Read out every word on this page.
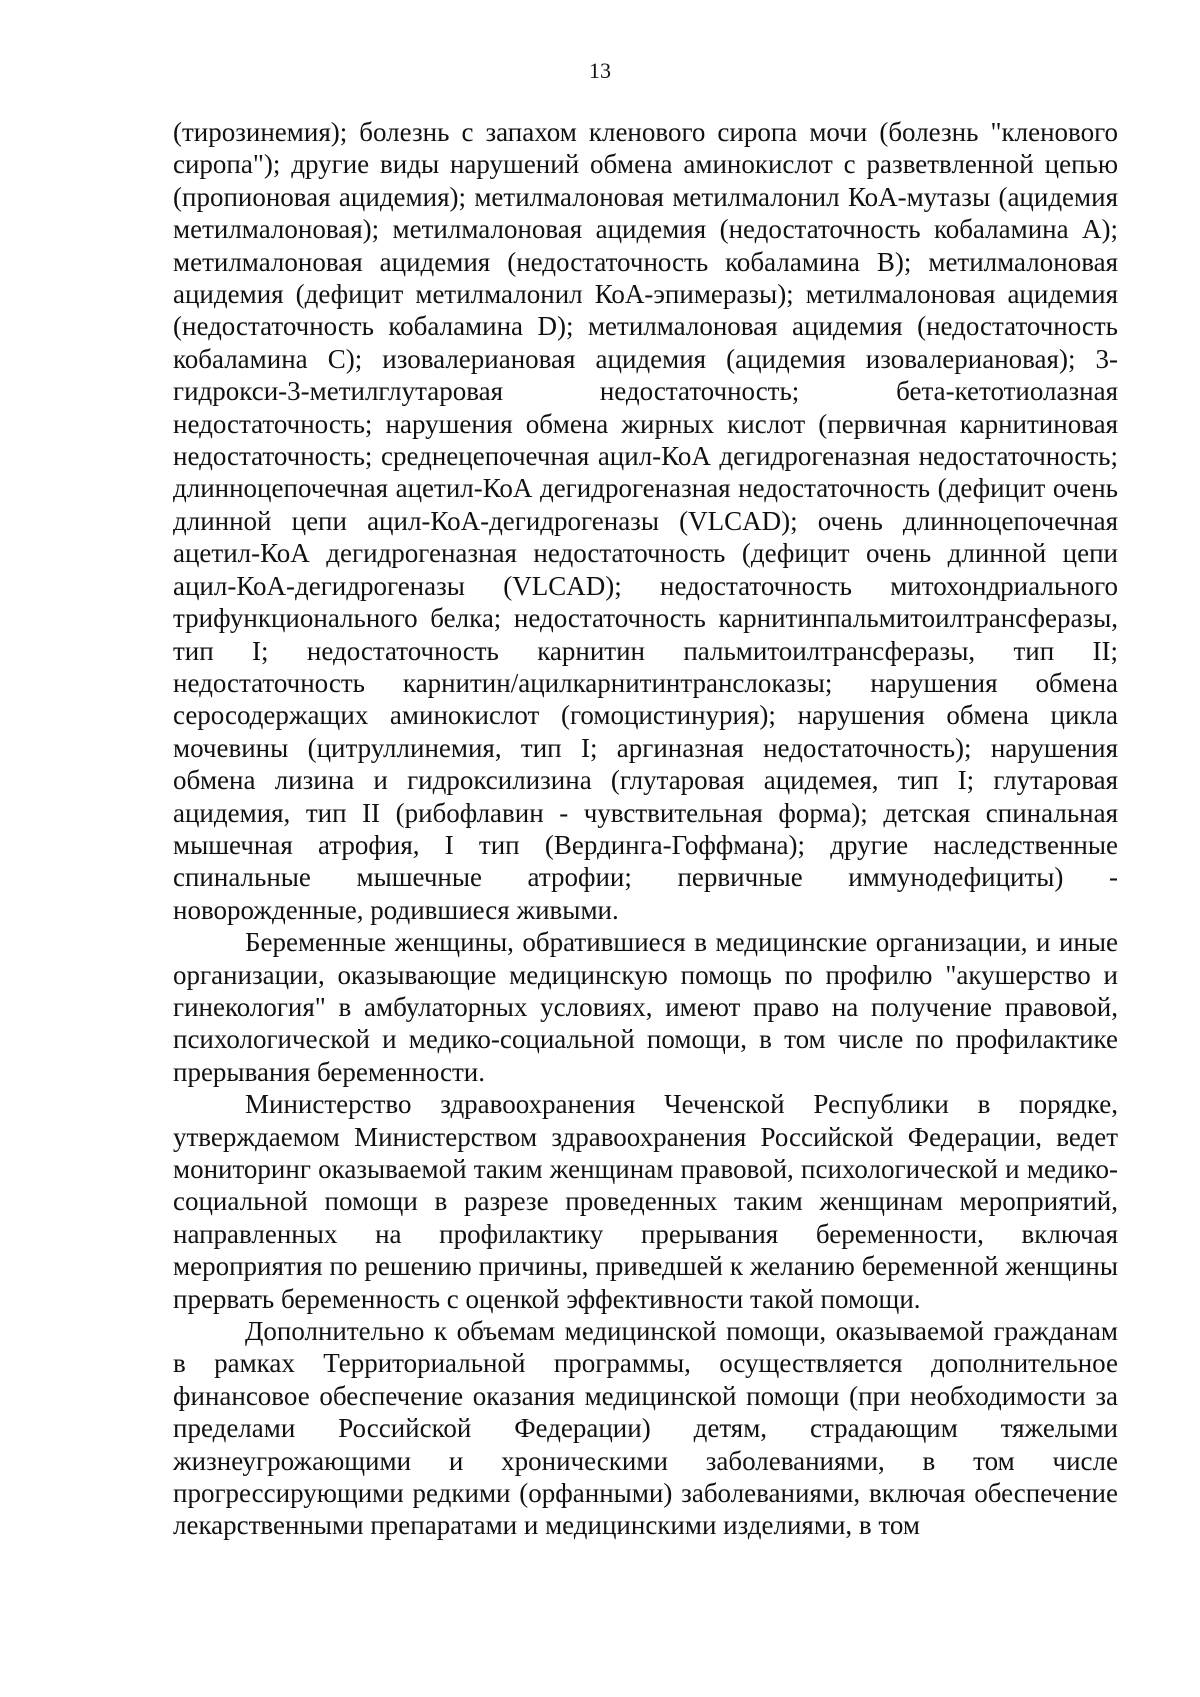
13

(тирозинемия); болезнь с запахом кленового сиропа мочи (болезнь "кленового сиропа"); другие виды нарушений обмена аминокислот с разветвленной цепью (пропионовая ацидемия); метилмалоновая метилмалонил КоА-мутазы (ацидемия метилмалоновая); метилмалоновая ацидемия (недостаточность кобаламина А); метилмалоновая ацидемия (недостаточность кобаламина В); метилмалоновая ацидемия (дефицит метилмалонил КоА-эпимеразы); метилмалоновая ацидемия (недостаточность кобаламина D); метилмалоновая ацидемия (недостаточность кобаламина С); изовалериановая ацидемия (ацидемия изовалериановая); 3-гидрокси-3-метилглутаровая недостаточность; бета-кетотиолазная недостаточность; нарушения обмена жирных кислот (первичная карнитиновая недостаточность; среднецепочечная ацил-КоА дегидрогеназная недостаточность; длинноцепочечная ацетил-КоА дегидрогеназная недостаточность (дефицит очень длинной цепи ацил-КоА-дегидрогеназы (VLCAD); очень длинноцепочечная ацетил-КоА дегидрогеназная недостаточность (дефицит очень длинной цепи ацил-КоА-дегидрогеназы (VLCAD); недостаточность митохондриального трифункционального белка; недостаточность карнитинпальмитоилтрансферазы, тип I; недостаточность карнитин пальмитоилтрансферазы, тип II; недостаточность карнитин/ацилкарнитинтранслоказы; нарушения обмена серосодержащих аминокислот (гомоцистинурия); нарушения обмена цикла мочевины (цитруллинемия, тип I; аргиназная недостаточность); нарушения обмена лизина и гидроксилизина (глутаровая ацидемея, тип I; глутаровая ацидемия, тип II (рибофлавин - чувствительная форма); детская спинальная мышечная атрофия, I тип (Вердинга-Гоффмана); другие наследственные спинальные мышечные атрофии; первичные иммунодефициты) - новорожденные, родившиеся живыми.

Беременные женщины, обратившиеся в медицинские организации, и иные организации, оказывающие медицинскую помощь по профилю "акушерство и гинекология" в амбулаторных условиях, имеют право на получение правовой, психологической и медико-социальной помощи, в том числе по профилактике прерывания беременности.

Министерство здравоохранения Чеченской Республики в порядке, утверждаемом Министерством здравоохранения Российской Федерации, ведет мониторинг оказываемой таким женщинам правовой, психологической и медико-социальной помощи в разрезе проведенных таким женщинам мероприятий, направленных на профилактику прерывания беременности, включая мероприятия по решению причины, приведшей к желанию беременной женщины прервать беременность с оценкой эффективности такой помощи.

Дополнительно к объемам медицинской помощи, оказываемой гражданам в рамках Территориальной программы, осуществляется дополнительное финансовое обеспечение оказания медицинской помощи (при необходимости за пределами Российской Федерации) детям, страдающим тяжелыми жизнеугрожающими и хроническими заболеваниями, в том числе прогрессирующими редкими (орфанными) заболеваниями, включая обеспечение лекарственными препаратами и медицинскими изделиями, в том
